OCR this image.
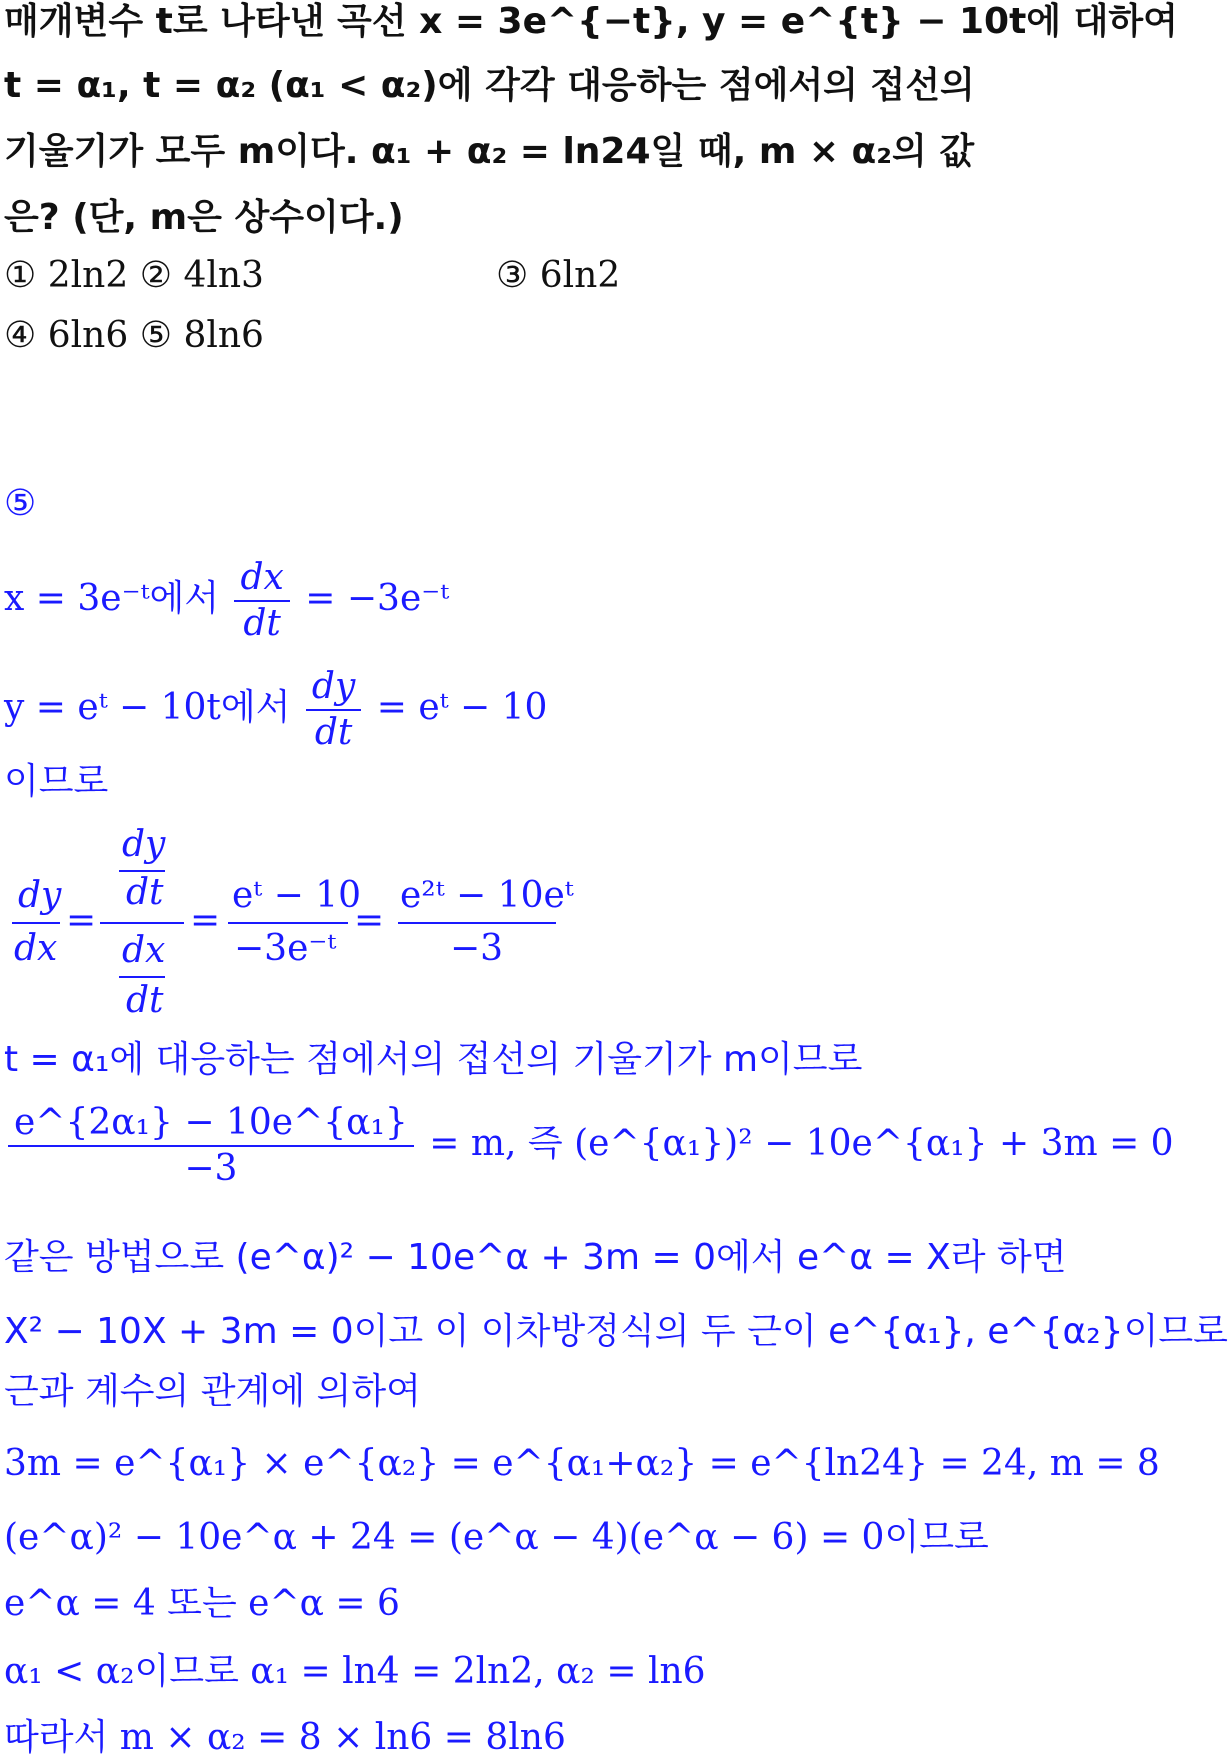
매개변수 t로 나타낸 곡선 x = 3e^{−t}, y = e^{t} − 10t에 대하여
t = α₁, t = α₂ (α₁ < α₂)에 각각 대응하는 점에서의 접선의
기울기가 모두 m이다. α₁ + α₂ = ln24일 때, m × α₂의 값
은? (단, m은 상수이다.)
① 2ln2 ② 4ln3	③ 6ln2
④ 6ln6 ⑤ 8ln6
⑤
x = 3e⁻ᵗ에서 $\frac{dx}{dt}$ = −3e⁻ᵗ
y = eᵗ − 10t에서 $\frac{dy}{dt}$ = eᵗ − 10
이므로
dy
dx
=
dy
dt
dx
dt
=
eᵗ − 10
−3e⁻ᵗ
=
e²ᵗ − 10eᵗ
−3
t = α₁에 대응하는 점에서의 접선의 기울기가 m이므로
$\frac{\text{e\textasciicircum{}\{2α₁\} − 10e\textasciicircum{}\{α₁\}}}{-3} = m$, 즉 (e^{α₁})² − 10e^{α₁} + 3m = 0
같은 방법으로 (e^α)² − 10e^α + 3m = 0에서 e^α = X라 하면
X² − 10X + 3m = 0이고 이 이차방정식의 두 근이 e^{α₁}, e^{α₂}이므로
근과 계수의 관계에 의하여
3m = e^{α₁} × e^{α₂} = e^{α₁+α₂} = e^{ln24} = 24, m = 8
(e^α)² − 10e^α + 24 = (e^α − 4)(e^α − 6) = 0이므로
e^α = 4 또는 e^α = 6
α₁ < α₂이므로 α₁ = ln4 = 2ln2, α₂ = ln6
따라서 m × α₂ = 8 × ln6 = 8ln6
